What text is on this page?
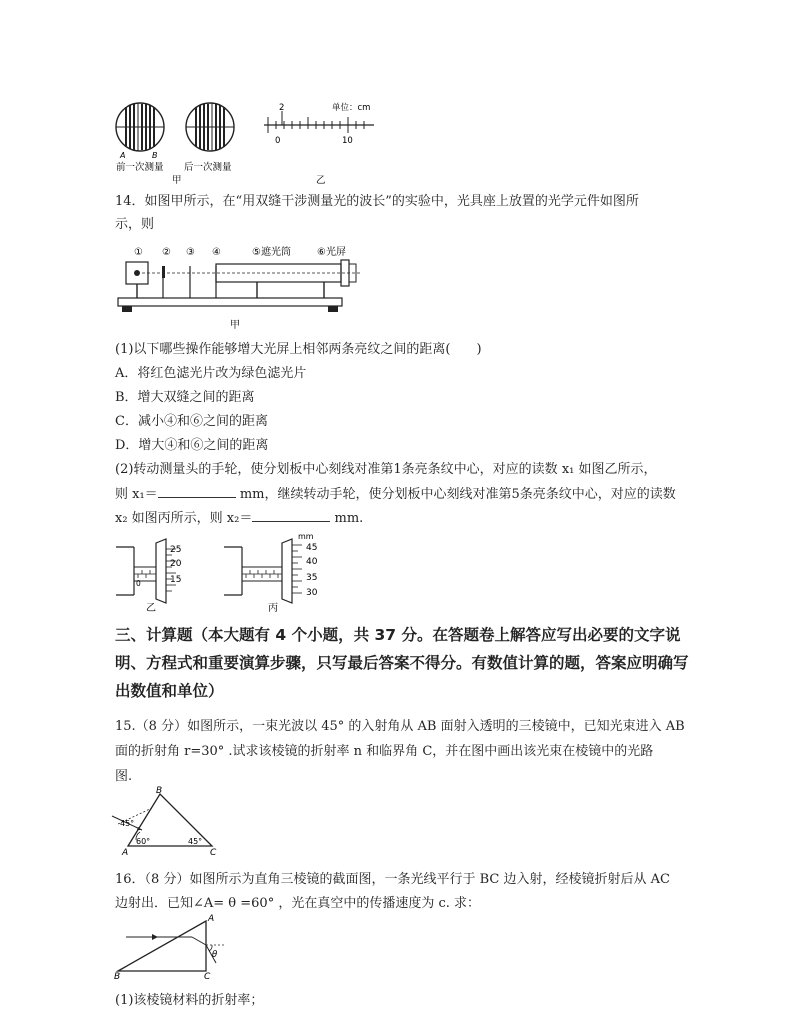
A	B
前一次测量 后一次测量
甲
2	单位：cm
0	10
乙
14．如图甲所示，在“用双缝干涉测量光的波长”的实验中，光具座上放置的光学元件如图所
示，则
① ② ③ ④	⑤遮光筒	⑥光屏
甲
(1)以下哪些操作能够增大光屏上相邻两条亮纹之间的距离(　　)
A．将红色滤光片改为绿色滤光片
B．增大双缝之间的距离
C．减小④和⑥之间的距离
D．增大④和⑥之间的距离
(2)转动测量头的手轮，使分划板中心刻线对准第1条亮条纹中心，对应的读数 x₁ 如图乙所示，
则 x₁＝	mm，继续转动手轮，使分划板中心刻线对准第5条亮条纹中心，对应的读数
x₂ 如图丙所示，则 x₂＝	mm.
0
25
20
15
乙
mm
45
40
35
30
丙
三、计算题（本大题有 4 个小题，共 37 分。在答题卷上解答应写出必要的文字说明、方程式和重要演算步骤，只写最后答案不得分。有数值计算的题，答案应明确写出数值和单位）
15.（8 分）如图所示，一束光波以 45° 的入射角从 AB 面射入透明的三棱镜中，已知光束进入 AB
面的折射角 r=30° .试求该棱镜的折射率 n 和临界角 C，并在图中画出该光束在棱镜中的光路
图.
B
A	C
45°
60°	45°
16．（8 分）如图所示为直角三棱镜的截面图，一条光线平行于 BC 边入射，经棱镜折射后从 AC
边射出．已知∠A= θ =60° ，光在真空中的传播速度为 c. 求：
A
B	C
θ
(1)该棱镜材料的折射率；
